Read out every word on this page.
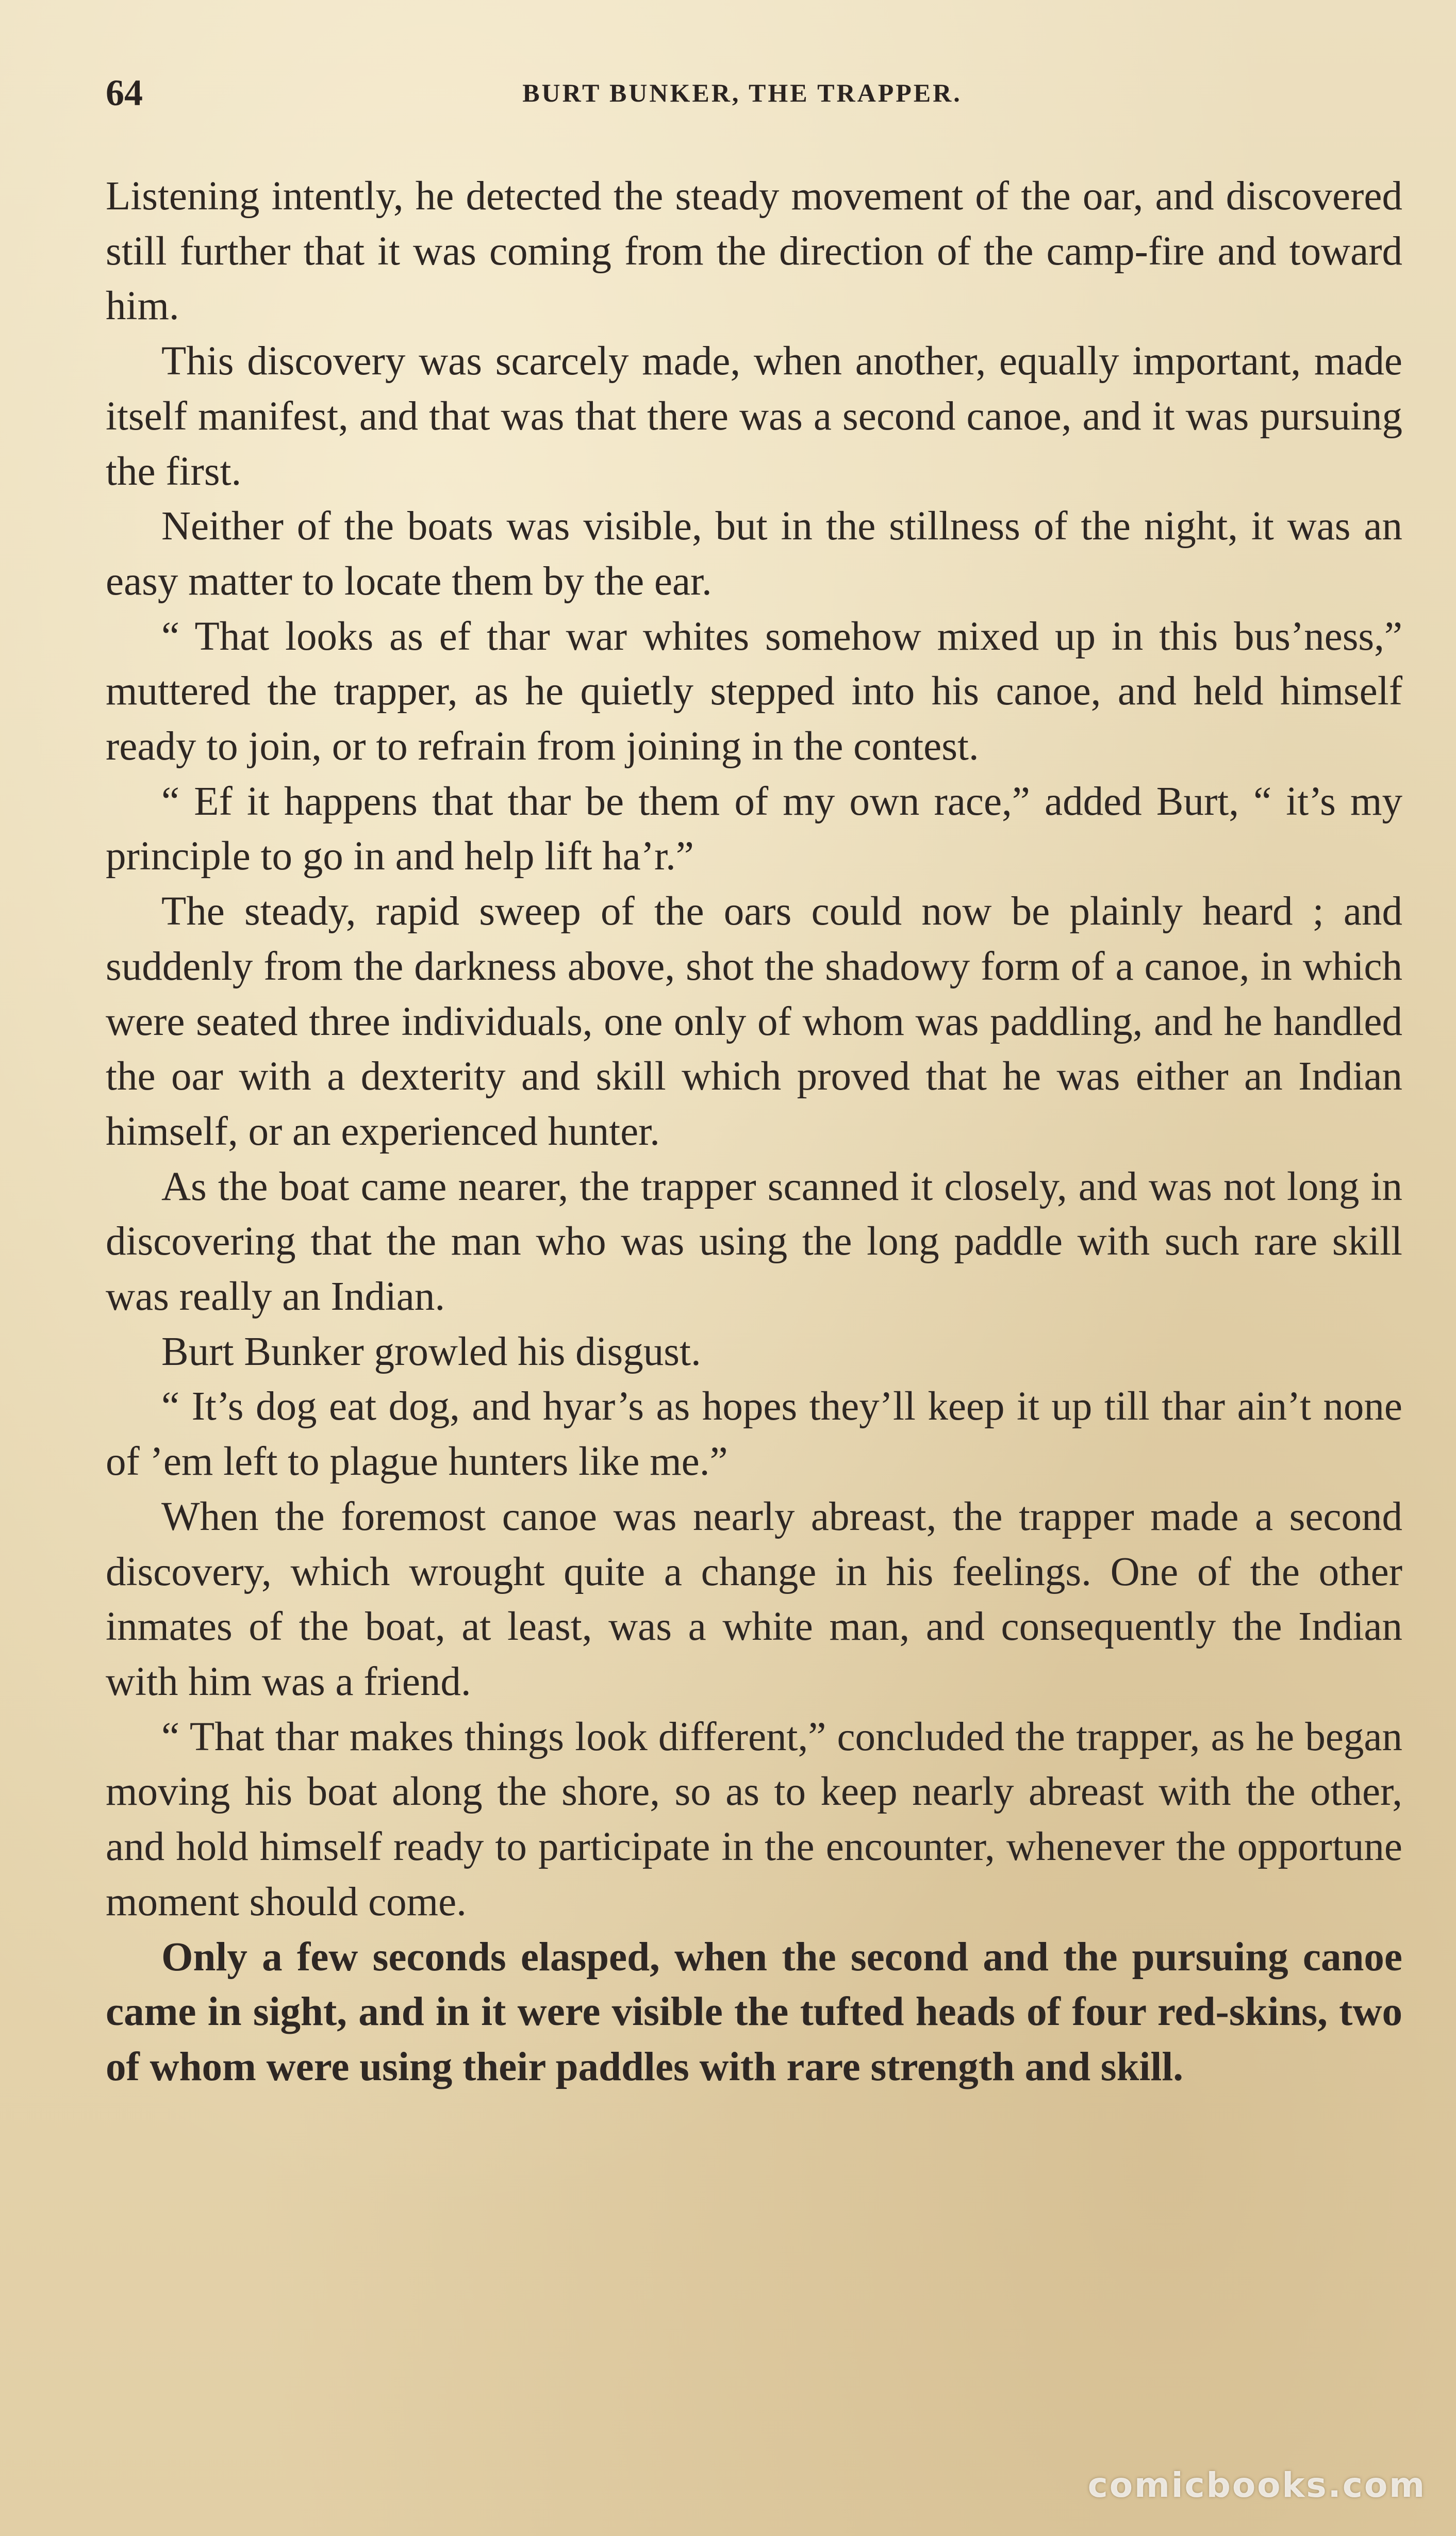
64	BURT BUNKER, THE TRAPPER.

Listening intently, he detected the steady movement of the oar, and discovered still further that it was coming from the direction of the camp-fire and toward him.

This discovery was scarcely made, when another, equally important, made itself manifest, and that was that there was a second canoe, and it was pursuing the first.

Neither of the boats was visible, but in the stillness of the night, it was an easy matter to locate them by the ear.

“ That looks as ef thar war whites somehow mixed up in this bus’ness,” muttered the trapper, as he quietly stepped into his canoe, and held himself ready to join, or to refrain from joining in the contest.

“ Ef it happens that thar be them of my own race,” added Burt, “ it’s my principle to go in and help lift ha’r.”

The steady, rapid sweep of the oars could now be plainly heard ; and suddenly from the darkness above, shot the shadowy form of a canoe, in which were seated three individuals, one only of whom was paddling, and he handled the oar with a dexterity and skill which proved that he was either an Indian himself, or an experienced hunter.

As the boat came nearer, the trapper scanned it closely, and was not long in discovering that the man who was using the long paddle with such rare skill was really an Indian.

Burt Bunker growled his disgust.

“ It’s dog eat dog, and hyar’s as hopes they’ll keep it up till thar ain’t none of ’em left to plague hunters like me.”

When the foremost canoe was nearly abreast, the trapper made a second discovery, which wrought quite a change in his feelings. One of the other inmates of the boat, at least, was a white man, and consequently the Indian with him was a friend.

“ That thar makes things look different,” concluded the trapper, as he began moving his boat along the shore, so as to keep nearly abreast with the other, and hold himself ready to participate in the encounter, whenever the opportune moment should come.

Only a few seconds elasped, when the second and the pursuing canoe came in sight, and in it were visible the tufted heads of four red-skins, two of whom were using their paddles with rare strength and skill.

comicbooks.com
